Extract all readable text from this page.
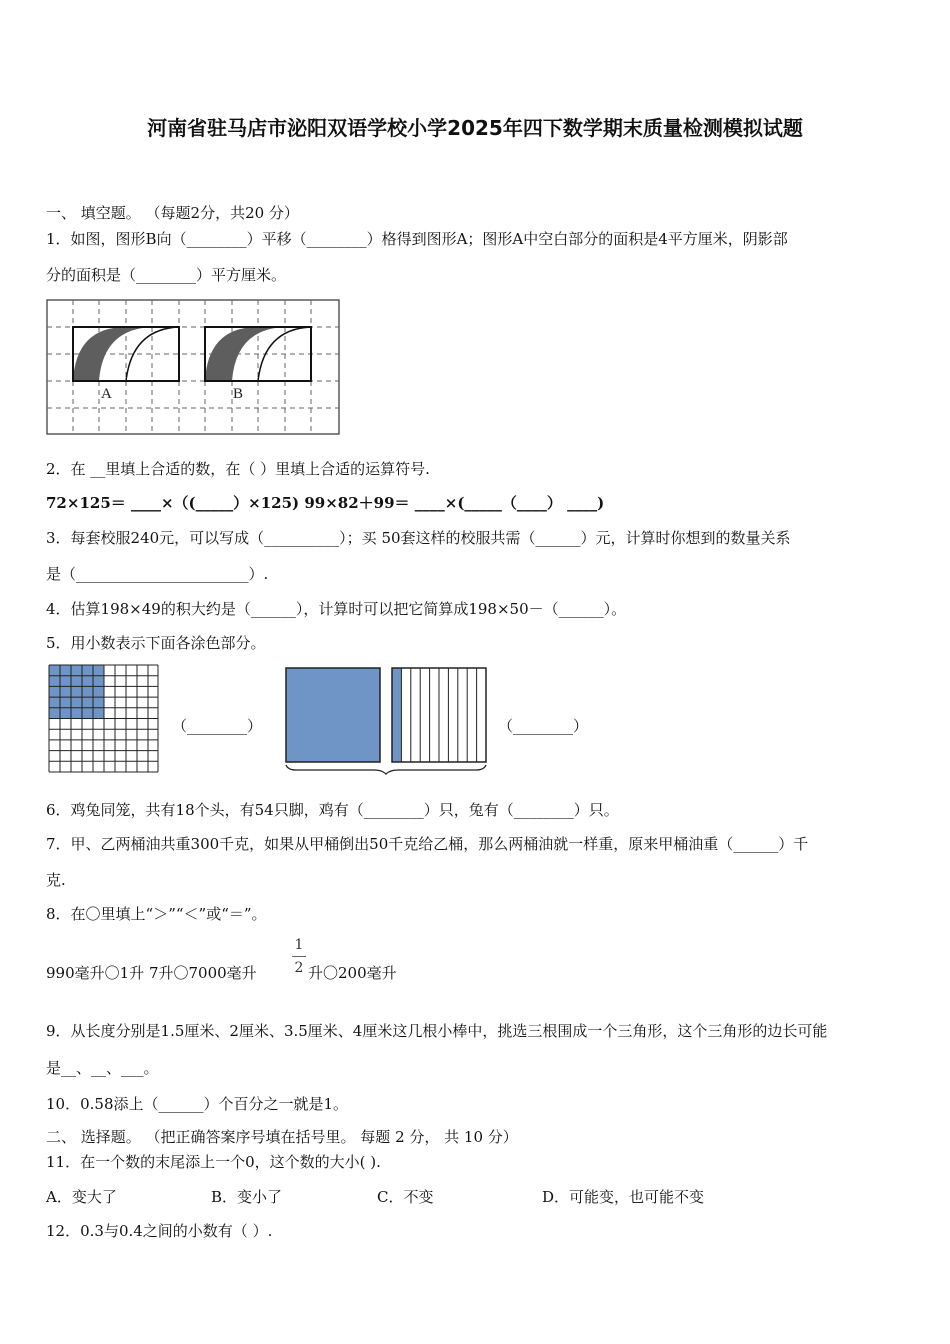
河南省驻马店市泌阳双语学校小学2025年四下数学期末质量检测模拟试题
一、 填空题。 （每题2分，共20 分）
1．如图，图形B向（________）平移（________）格得到图形A；图形A中空白部分的面积是4平方厘米，阴影部
分的面积是（________）平方厘米。
A	B
2．在 __里填上合适的数，在（ ）里填上合适的运算符号.
72×125＝ ____×（(_____）×125) 99×82＋99＝ ____×(_____（____） ____)
3．每套校服240元，可以写成（__________）；买 50套这样的校服共需（______）元，计算时你想到的数量关系
是（_______________________）.
4．估算198×49的积大约是（______），计算时可以把它简算成198×50－（______）。
5．用小数表示下面各涂色部分。
（________）	（________）
6．鸡兔同笼，共有18个头，有54只脚，鸡有（________）只，兔有（________）只。
7．甲、乙两桶油共重300千克，如果从甲桶倒出50千克给乙桶，那么两桶油就一样重，原来甲桶油重（______）千
克.
8．在〇里填上“＞”“＜”或“＝”。
990毫升〇1升 7升〇7000毫升
1
2 升〇200毫升
9．从长度分别是1.5厘米、2厘米、3.5厘米、4厘米这几根小棒中，挑选三根围成一个三角形，这个三角形的边长可能
是__、__、___。
10．0.58添上（______）个百分之一就是1。
二、 选择题。 （把正确答案序号填在括号里。 每题 2 分， 共 10 分）
11．在一个数的末尾添上一个0，这个数的大小( ).
A．变大了	B．变小了	C．不变	D．可能变，也可能不变
12．0.3与0.4之间的小数有（ ）.
